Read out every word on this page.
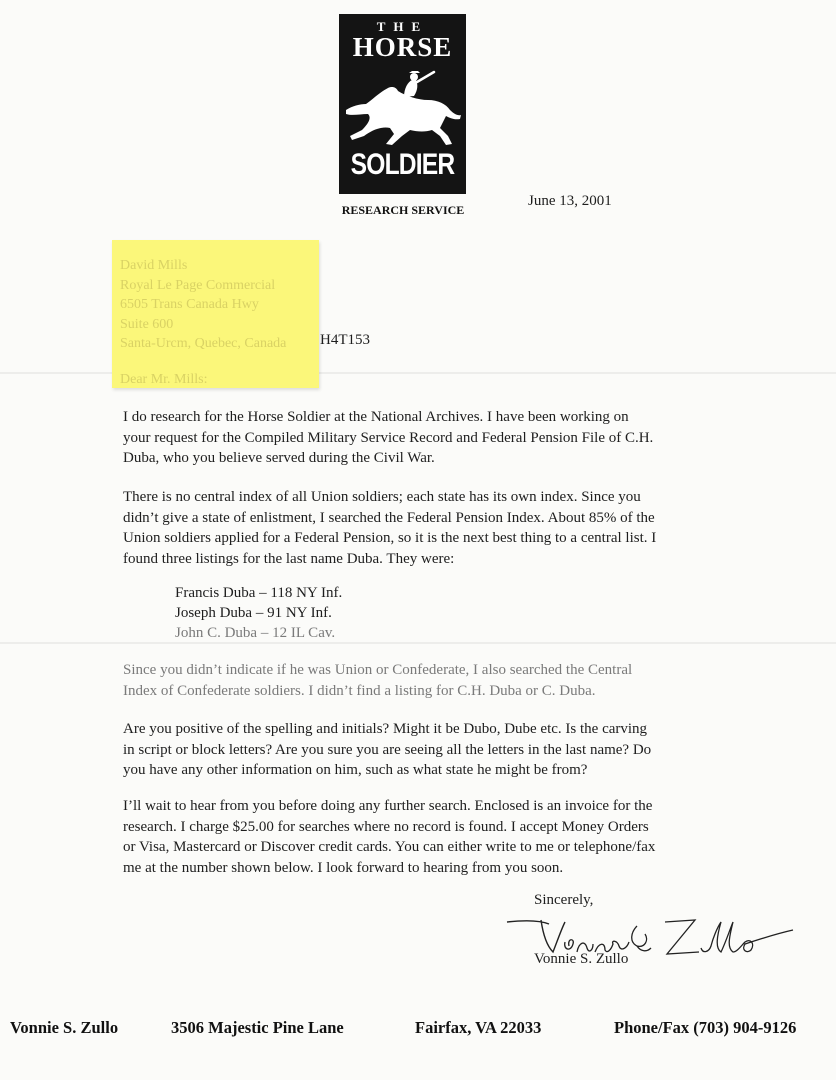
THE
HORSE
SOLDIER
RESEARCH SERVICE
June 13, 2001
David Mills
Royal Le Page Commercial
6505 Trans Canada Hwy
Suite 600
Santa-Urcm, Quebec, Canada H4T153
Dear Mr. Mills:
I do research for the Horse Soldier at the National Archives. I have been working on
your request for the Compiled Military Service Record and Federal Pension File of C.H.
Duba, who you believe served during the Civil War.
There is no central index of all Union soldiers; each state has its own index. Since you
didn’t give a state of enlistment, I searched the Federal Pension Index. About 85% of the
Union soldiers applied for a Federal Pension, so it is the next best thing to a central list. I
found three listings for the last name Duba. They were:
Francis Duba – 118 NY Inf.
Joseph Duba – 91 NY Inf.
John C. Duba – 12 IL Cav.
Since you didn’t indicate if he was Union or Confederate, I also searched the Central
Index of Confederate soldiers. I didn’t find a listing for C.H. Duba or C. Duba.
Are you positive of the spelling and initials? Might it be Dubo, Dube etc. Is the carving
in script or block letters? Are you sure you are seeing all the letters in the last name? Do
you have any other information on him, such as what state he might be from?
I’ll wait to hear from you before doing any further search. Enclosed is an invoice for the
research. I charge $25.00 for searches where no record is found. I accept Money Orders
or Visa, Mastercard or Discover credit cards. You can either write to me or telephone/fax
me at the number shown below. I look forward to hearing from you soon.
Sincerely,
Vonnie S. Zullo
Vonnie S. Zullo	3506 Majestic Pine Lane	Fairfax, VA 22033	Phone/Fax (703) 904-9126
